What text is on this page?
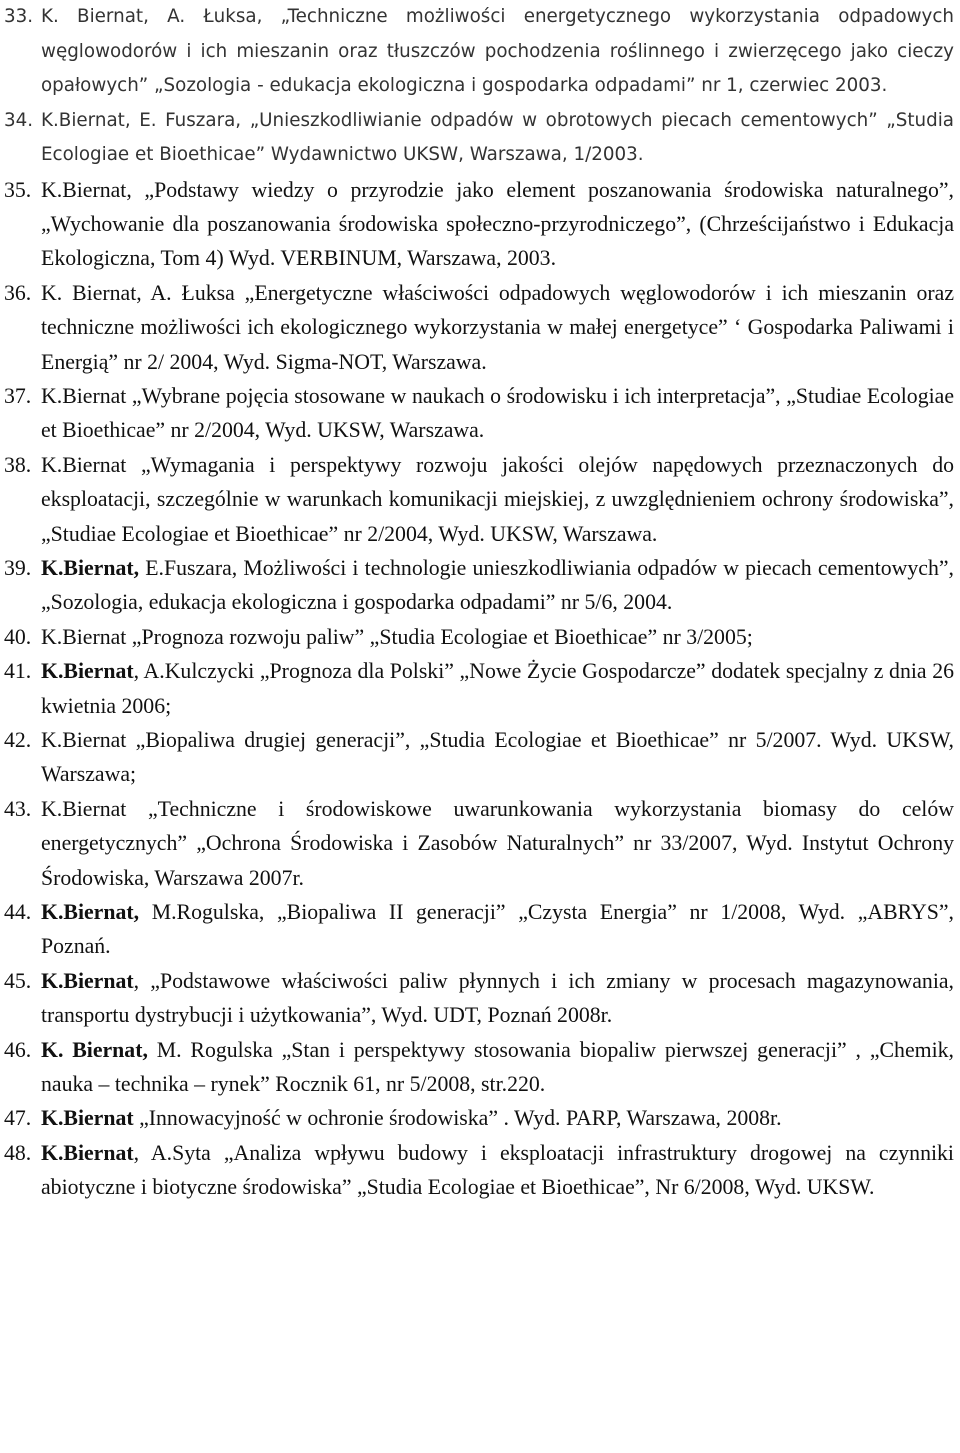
33. K. Biernat, A. Łuksa, „Techniczne możliwości energetycznego wykorzystania odpadowych węglowodorów i ich mieszanin oraz tłuszczów pochodzenia roślinnego i zwierzęcego jako cieczy opałowych” „Sozologia - edukacja ekologiczna i gospodarka odpadami” nr 1, czerwiec 2003.
34. K.Biernat, E. Fuszara, „Unieszkodliwianie odpadów w obrotowych piecach cementowych” „Studia Ecologiae et Bioethicae” Wydawnictwo UKSW, Warszawa, 1/2003.
35. K.Biernat, „Podstawy wiedzy o przyrodzie jako element poszanowania środowiska naturalnego”, „Wychowanie dla poszanowania środowiska społeczno-przyrodniczego”, (Chrześcijaństwo i Edukacja Ekologiczna, Tom 4) Wyd. VERBINUM, Warszawa, 2003.
36. K. Biernat, A. Łuksa „Energetyczne właściwości odpadowych węglowodorów i ich mieszanin oraz techniczne możliwości ich ekologicznego wykorzystania w małej energetyce” ‘ Gospodarka Paliwami i Energią” nr 2/ 2004, Wyd. Sigma-NOT, Warszawa.
37. K.Biernat „Wybrane pojęcia stosowane w naukach o środowisku i ich interpretacja”, „Studiae Ecologiae et Bioethicae” nr 2/2004, Wyd. UKSW, Warszawa.
38. K.Biernat „Wymagania i perspektywy rozwoju jakości olejów napędowych przeznaczonych do eksploatacji, szczególnie w warunkach komunikacji miejskiej, z uwzględnieniem ochrony środowiska”, „Studiae Ecologiae et Bioethicae” nr 2/2004, Wyd. UKSW, Warszawa.
39. K.Biernat, E.Fuszara, Możliwości i technologie unieszkodliwiania odpadów w piecach cementowych”, „Sozologia, edukacja ekologiczna i gospodarka odpadami” nr 5/6, 2004.
40. K.Biernat „Prognoza rozwoju paliw” „Studia Ecologiae et Bioethicae” nr 3/2005;
41. K.Biernat, A.Kulczycki „Prognoza dla Polski” „Nowe Życie Gospodarcze” dodatek specjalny z dnia 26 kwietnia 2006;
42. K.Biernat „Biopaliwa drugiej generacji”, „Studia Ecologiae et Bioethicae” nr 5/2007. Wyd. UKSW, Warszawa;
43. K.Biernat „Techniczne i środowiskowe uwarunkowania wykorzystania biomasy do celów energetycznych” „Ochrona Środowiska i Zasobów Naturalnych” nr 33/2007, Wyd. Instytut Ochrony Środowiska, Warszawa 2007r.
44. K.Biernat, M.Rogulska, „Biopaliwa II generacji” „Czysta Energia” nr 1/2008, Wyd. „ABRYS”, Poznań.
45. K.Biernat, „Podstawowe właściwości paliw płynnych i ich zmiany w procesach magazynowania, transportu dystrybucji i użytkowania”, Wyd. UDT, Poznań 2008r.
46. K. Biernat, M. Rogulska „Stan i perspektywy stosowania biopaliw pierwszej generacji” , „Chemik, nauka – technika – rynek” Rocznik 61, nr 5/2008, str.220.
47. K.Biernat „Innowacyjność w ochronie środowiska” . Wyd. PARP, Warszawa, 2008r.
48. K.Biernat, A.Syta „Analiza wpływu budowy i eksploatacji infrastruktury drogowej na czynniki abiotyczne i biotyczne środowiska” „Studia Ecologiae et Bioethicae”, Nr 6/2008, Wyd. UKSW.
